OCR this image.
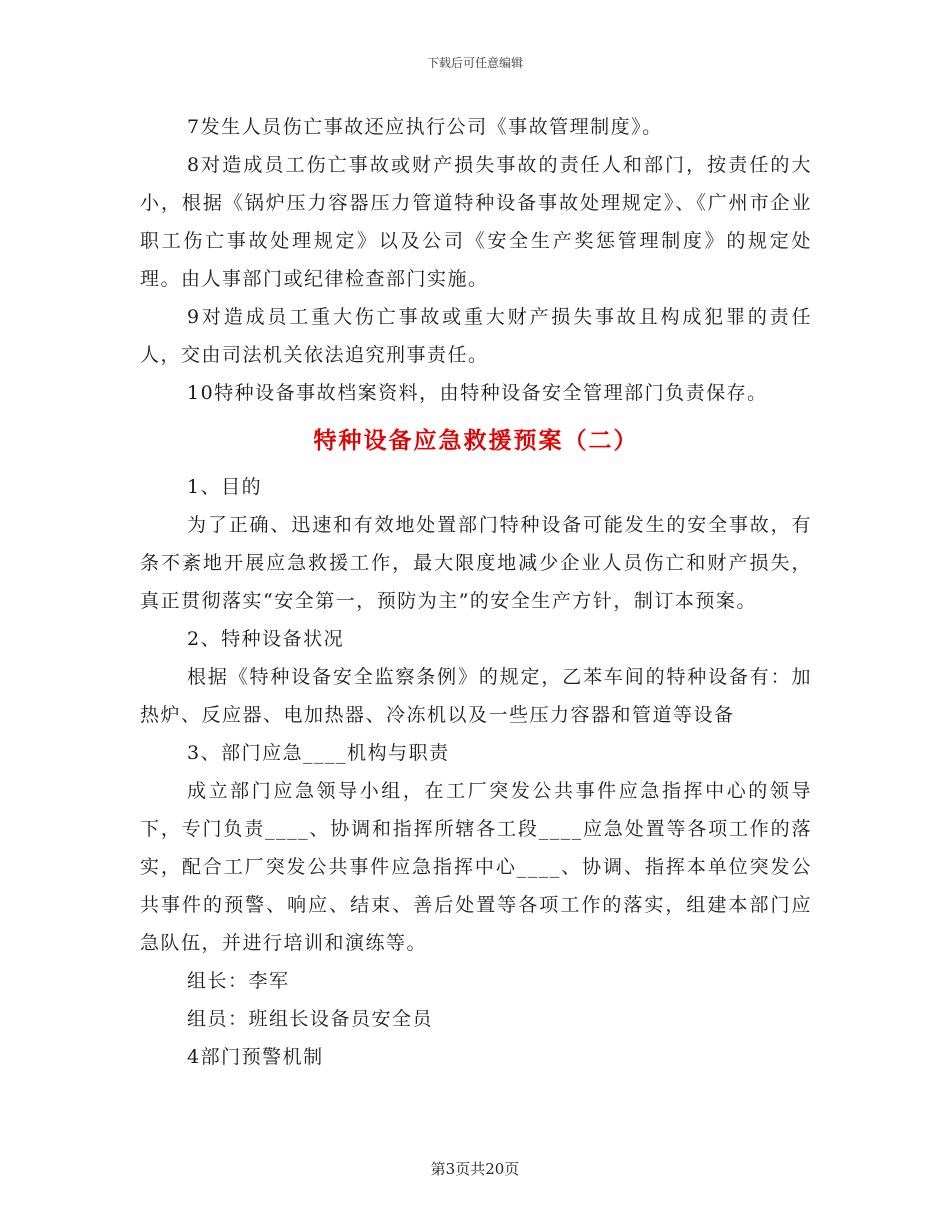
下载后可任意编辑

7发生人员伤亡事故还应执行公司《事故管理制度》。

8对造成员工伤亡事故或财产损失事故的责任人和部门，按责任的大小，根据《锅炉压力容器压力管道特种设备事故处理规定》、《广州市企业职工伤亡事故处理规定》以及公司《安全生产奖惩管理制度》的规定处理。由人事部门或纪律检查部门实施。

9对造成员工重大伤亡事故或重大财产损失事故且构成犯罪的责任人，交由司法机关依法追究刑事责任。

10特种设备事故档案资料，由特种设备安全管理部门负责保存。

特种设备应急救援预案（二）

1、目的

为了正确、迅速和有效地处置部门特种设备可能发生的安全事故，有条不紊地开展应急救援工作，最大限度地减少企业人员伤亡和财产损失，真正贯彻落实“安全第一，预防为主”的安全生产方针，制订本预案。

2、特种设备状况

根据《特种设备安全监察条例》的规定，乙苯车间的特种设备有：加热炉、反应器、电加热器、冷冻机以及一些压力容器和管道等设备

3、部门应急____机构与职责

成立部门应急领导小组，在工厂突发公共事件应急指挥中心的领导下，专门负责____、协调和指挥所辖各工段____应急处置等各项工作的落实，配合工厂突发公共事件应急指挥中心____、协调、指挥本单位突发公共事件的预警、响应、结束、善后处置等各项工作的落实，组建本部门应急队伍，并进行培训和演练等。

组长：李军

组员：班组长设备员安全员

4部门预警机制

第3页共20页
